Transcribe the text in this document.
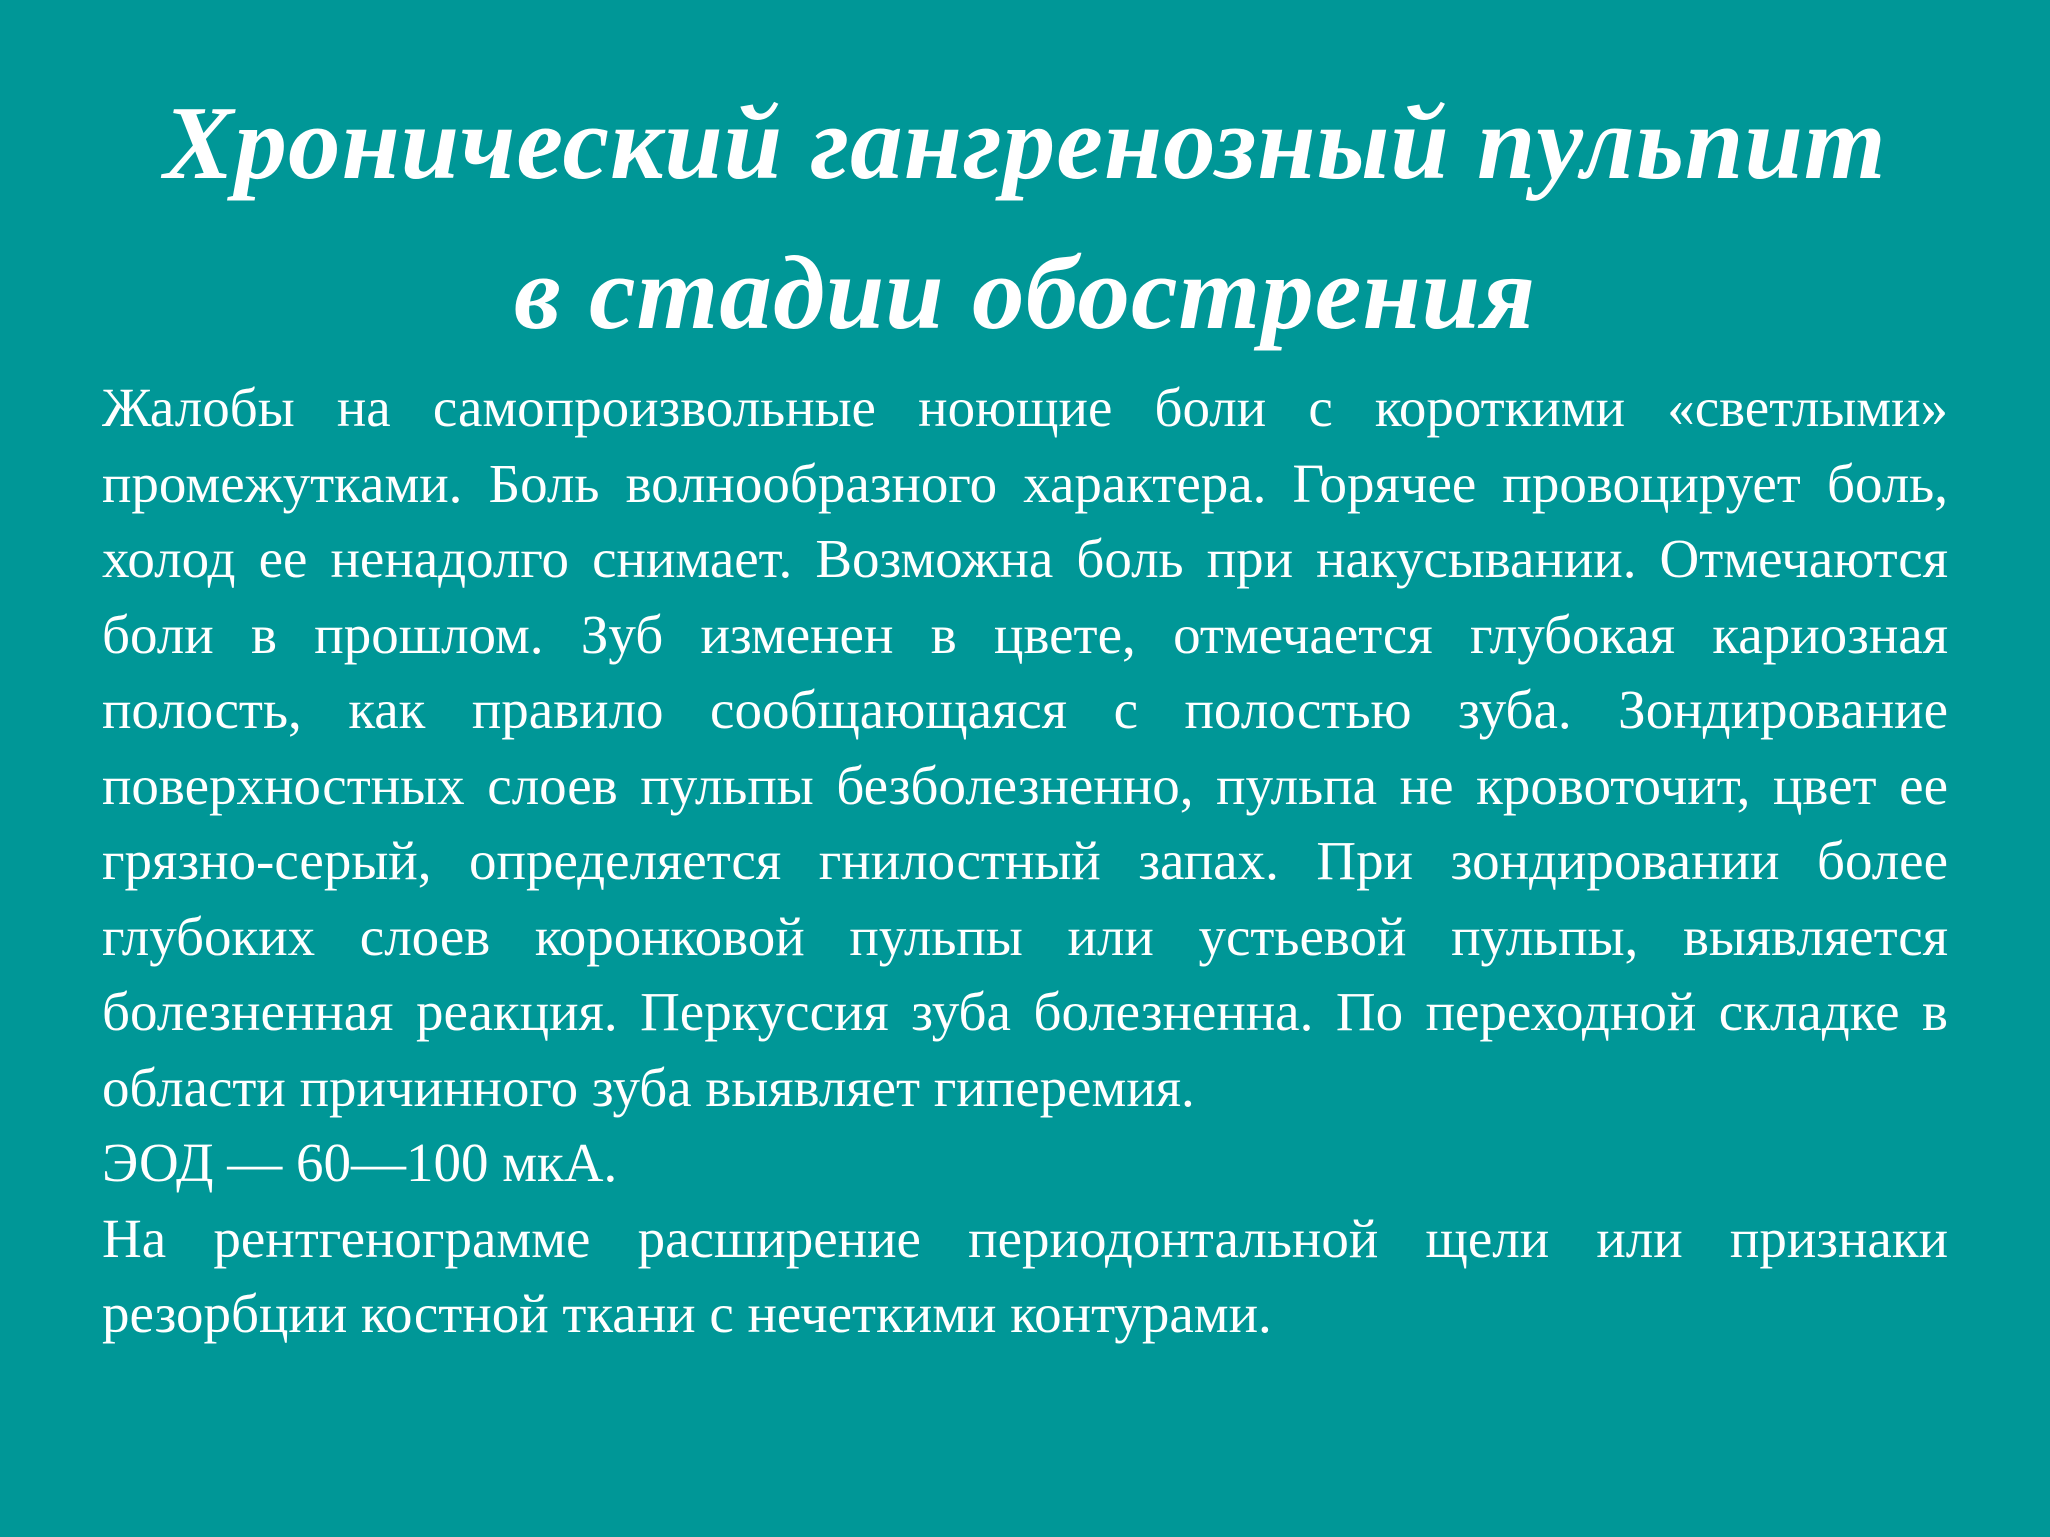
Хронический гангренозный пульпит
в стадии обострения

Жалобы на самопроизвольные ноющие боли с короткими «светлыми» промежутками. Боль волнообразного характера. Горячее провоцирует боль, холод ее ненадолго снимает. Возможна боль при накусывании. Отмечаются боли в прошлом. Зуб изменен в цвете, отмечается глубокая кариозная полость, как правило сообщающаяся с полостью зуба. Зондирование поверхностных слоев пульпы безболезненно, пульпа не кровоточит, цвет ее грязно-серый, определяется гнилостный запах. При зондировании более глубоких слоев коронковой пульпы или устьевой пульпы, выявляется болезненная реакция. Перкуссия зуба болезненна. По переходной складке в области причинного зуба выявляет гиперемия.

ЭОД — 60—100 мкА.

На рентгенограмме расширение периодонтальной щели или признаки резорбции костной ткани с нечеткими контурами.
